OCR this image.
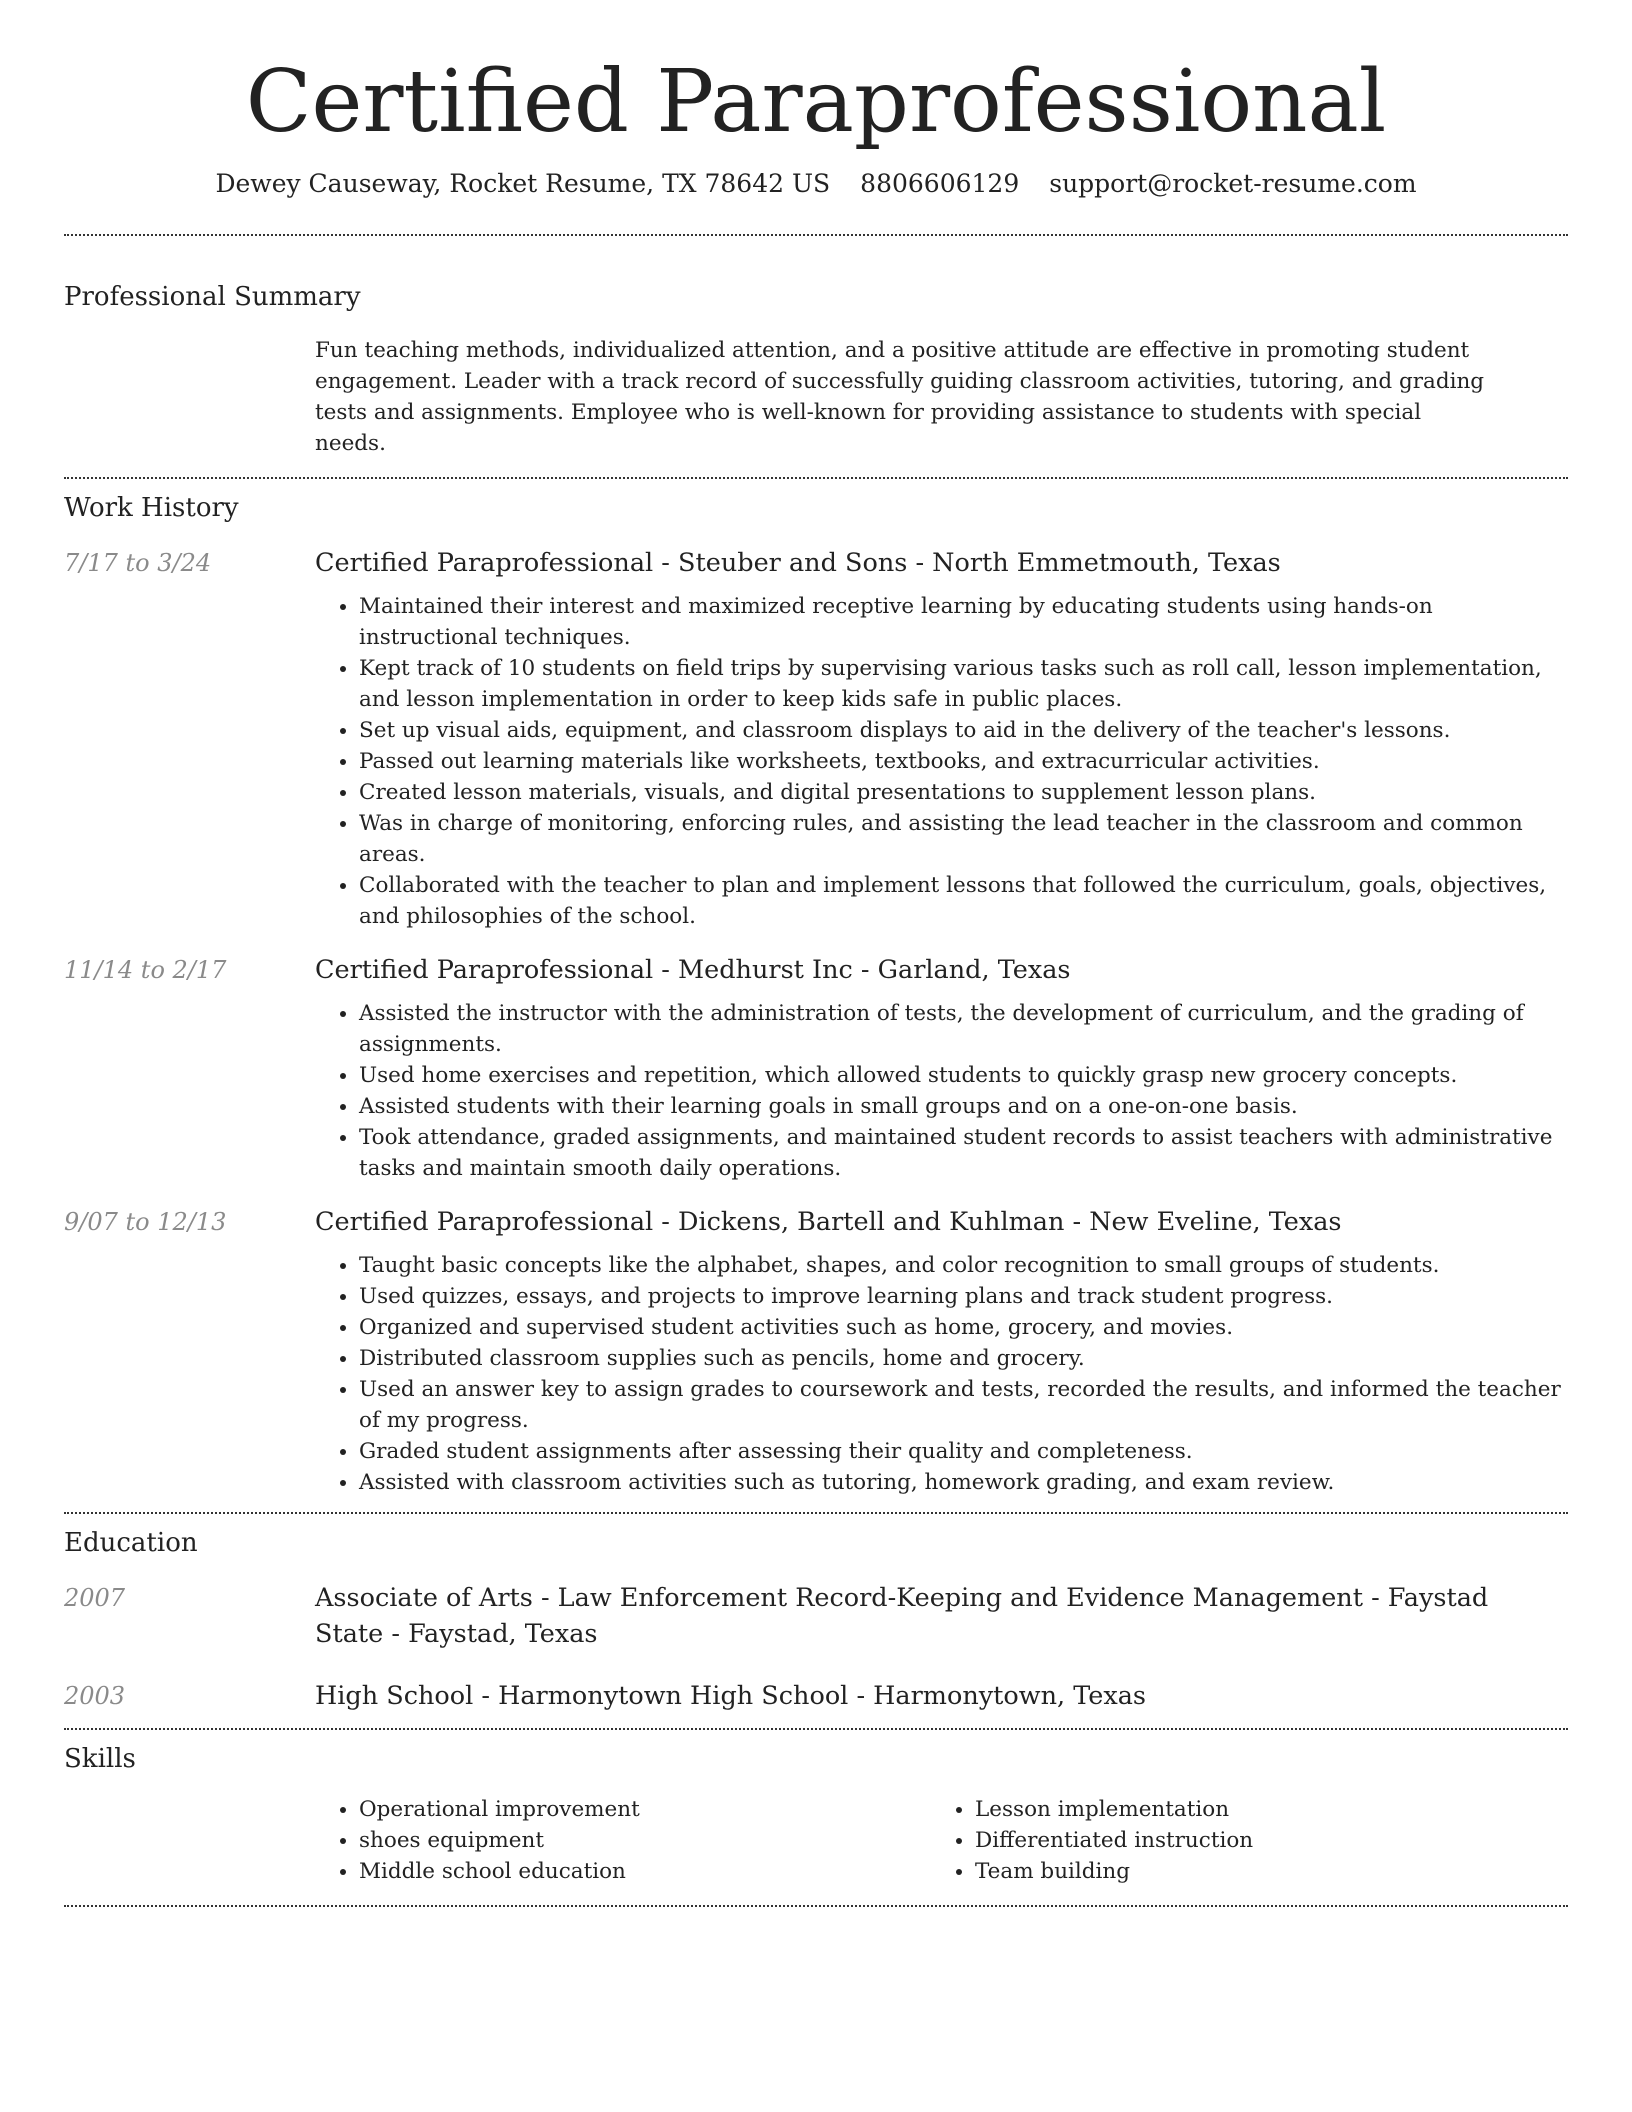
Certified Paraprofessional
Dewey Causeway, Rocket Resume, TX 78642 US 8806606129 support@rocket-resume.com
Professional Summary

Fun teaching methods, individualized attention, and a positive attitude are effective in promoting student engagement. Leader with a track record of successfully guiding classroom activities, tutoring, and grading tests and assignments. Employee who is well-known for providing assistance to students with special needs.

Work History
7/17 to 3/24	Certified Paraprofessional - Steuber and Sons - North Emmetmouth, Texas
• Maintained their interest and maximized receptive learning by educating students using hands-on instructional techniques.
• Kept track of 10 students on field trips by supervising various tasks such as roll call, lesson implementation, and lesson implementation in order to keep kids safe in public places.
• Set up visual aids, equipment, and classroom displays to aid in the delivery of the teacher's lessons.
• Passed out learning materials like worksheets, textbooks, and extracurricular activities.
• Created lesson materials, visuals, and digital presentations to supplement lesson plans.
• Was in charge of monitoring, enforcing rules, and assisting the lead teacher in the classroom and common areas.
• Collaborated with the teacher to plan and implement lessons that followed the curriculum, goals, objectives, and philosophies of the school.
11/14 to 2/17	Certified Paraprofessional - Medhurst Inc - Garland, Texas
• Assisted the instructor with the administration of tests, the development of curriculum, and the grading of assignments.
• Used home exercises and repetition, which allowed students to quickly grasp new grocery concepts.
• Assisted students with their learning goals in small groups and on a one-on-one basis.
• Took attendance, graded assignments, and maintained student records to assist teachers with administrative tasks and maintain smooth daily operations.
9/07 to 12/13	Certified Paraprofessional - Dickens, Bartell and Kuhlman - New Eveline, Texas
• Taught basic concepts like the alphabet, shapes, and color recognition to small groups of students.
• Used quizzes, essays, and projects to improve learning plans and track student progress.
• Organized and supervised student activities such as home, grocery, and movies.
• Distributed classroom supplies such as pencils, home and grocery.
• Used an answer key to assign grades to coursework and tests, recorded the results, and informed the teacher of my progress.
• Graded student assignments after assessing their quality and completeness.
• Assisted with classroom activities such as tutoring, homework grading, and exam review.
Education
2007	Associate of Arts - Law Enforcement Record-Keeping and Evidence Management - Faystad State - Faystad, Texas
2003	High School - Harmonytown High School - Harmonytown, Texas
Skills
• Operational improvement
• shoes equipment
• Middle school education
• Lesson implementation
• Differentiated instruction
• Team building
